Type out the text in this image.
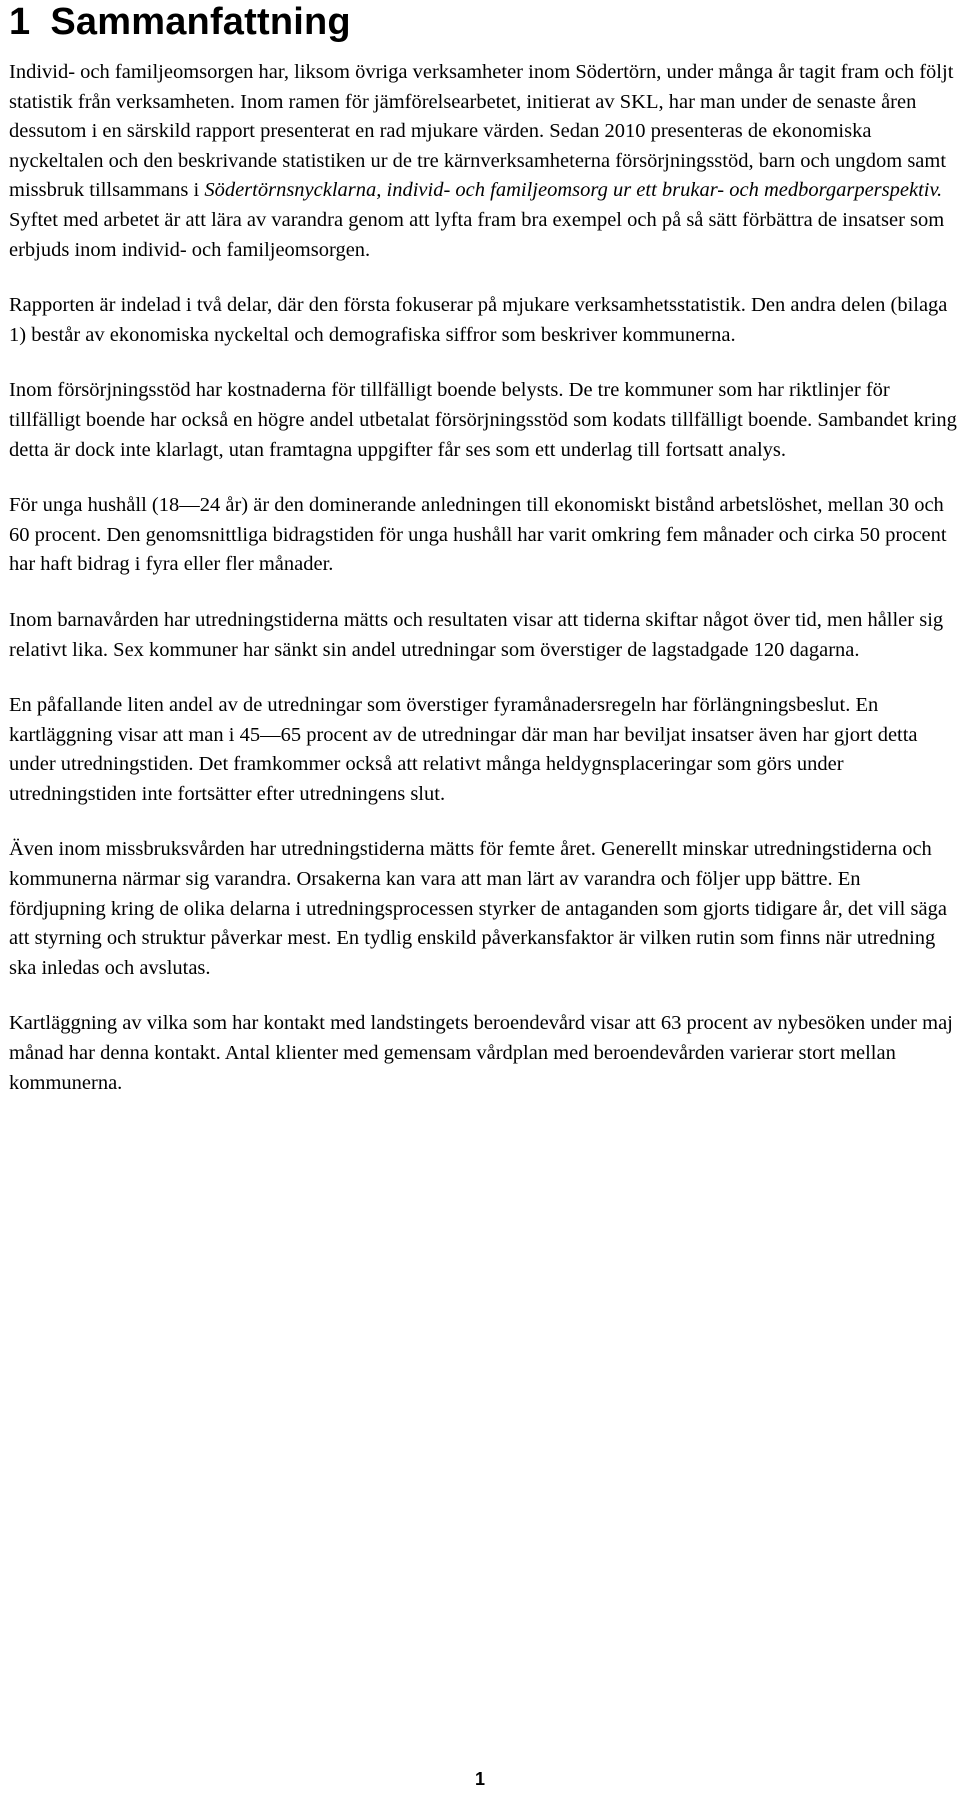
1 Sammanfattning

Individ- och familjeomsorgen har, liksom övriga verksamheter inom Södertörn, under många år tagit fram och följt statistik från verksamheten. Inom ramen för jämförelsearbetet, initierat av SKL, har man under de senaste åren dessutom i en särskild rapport presenterat en rad mjukare värden. Sedan 2010 presenteras de ekonomiska nyckeltalen och den beskrivande statistiken ur de tre kärnverksamheterna försörjningsstöd, barn och ungdom samt missbruk tillsammans i Södertörnsnycklarna, individ- och familjeomsorg ur ett brukar- och medborgarperspektiv. Syftet med arbetet är att lära av varandra genom att lyfta fram bra exempel och på så sätt förbättra de insatser som erbjuds inom individ- och familjeomsorgen.

Rapporten är indelad i två delar, där den första fokuserar på mjukare verksamhetsstatistik. Den andra delen (bilaga 1) består av ekonomiska nyckeltal och demografiska siffror som beskriver kommunerna.

Inom försörjningsstöd har kostnaderna för tillfälligt boende belysts. De tre kommuner som har riktlinjer för tillfälligt boende har också en högre andel utbetalat försörjningsstöd som kodats tillfälligt boende. Sambandet kring detta är dock inte klarlagt, utan framtagna uppgifter får ses som ett underlag till fortsatt analys.

För unga hushåll (18—24 år) är den dominerande anledningen till ekonomiskt bistånd arbetslöshet, mellan 30 och 60 procent. Den genomsnittliga bidragstiden för unga hushåll har varit omkring fem månader och cirka 50 procent har haft bidrag i fyra eller fler månader.

Inom barnavården har utredningstiderna mätts och resultaten visar att tiderna skiftar något över tid, men håller sig relativt lika. Sex kommuner har sänkt sin andel utredningar som överstiger de lagstadgade 120 dagarna.

En påfallande liten andel av de utredningar som överstiger fyramånadersregeln har förlängningsbeslut. En kartläggning visar att man i 45—65 procent av de utredningar där man har beviljat insatser även har gjort detta under utredningstiden. Det framkommer också att relativt många heldygnsplaceringar som görs under utredningstiden inte fortsätter efter utredningens slut.

Även inom missbruksvården har utredningstiderna mätts för femte året. Generellt minskar utredningstiderna och kommunerna närmar sig varandra. Orsakerna kan vara att man lärt av varandra och följer upp bättre. En fördjupning kring de olika delarna i utredningsprocessen styrker de antaganden som gjorts tidigare år, det vill säga att styrning och struktur påverkar mest. En tydlig enskild påverkansfaktor är vilken rutin som finns när utredning ska inledas och avslutas.

Kartläggning av vilka som har kontakt med landstingets beroendevård visar att 63 procent av nybesöken under maj månad har denna kontakt. Antal klienter med gemensam vårdplan med beroendevården varierar stort mellan kommunerna.

1
